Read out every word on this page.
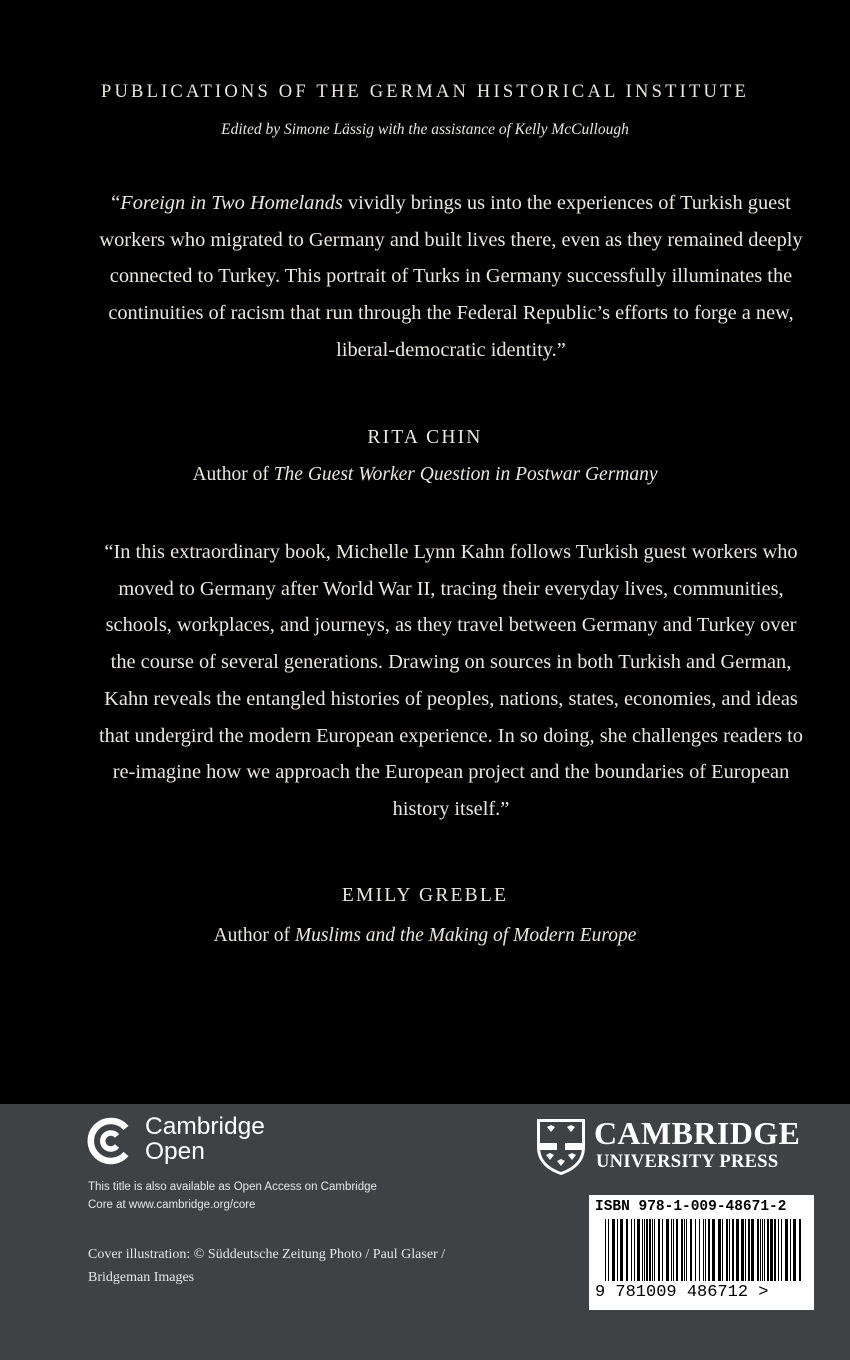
PUBLICATIONS OF THE GERMAN HISTORICAL INSTITUTE
Edited by Simone Lässig with the assistance of Kelly McCullough
“Foreign in Two Homelands vividly brings us into the experiences of Turkish guest workers who migrated to Germany and built lives there, even as they remained deeply connected to Turkey. This portrait of Turks in Germany successfully illuminates the continuities of racism that run through the Federal Republic’s efforts to forge a new, liberal-democratic identity.”
RITA CHIN
Author of The Guest Worker Question in Postwar Germany
“In this extraordinary book, Michelle Lynn Kahn follows Turkish guest workers who moved to Germany after World War II, tracing their everyday lives, communities, schools, workplaces, and journeys, as they travel between Germany and Turkey over the course of several generations. Drawing on sources in both Turkish and German, Kahn reveals the entangled histories of peoples, nations, states, economies, and ideas that undergird the modern European experience. In so doing, she challenges readers to re-imagine how we approach the European project and the boundaries of European history itself.”
EMILY GREBLE
Author of Muslims and the Making of Modern Europe
Cambridge
Open
This title is also available as Open Access on Cambridge Core at www.cambridge.org/core
Cover illustration: © Süddeutsche Zeitung Photo / Paul Glaser / Bridgeman Images
CAMBRIDGE
UNIVERSITY PRESS
ISBN 978-1-009-48671-2
9 781009 486712 >
